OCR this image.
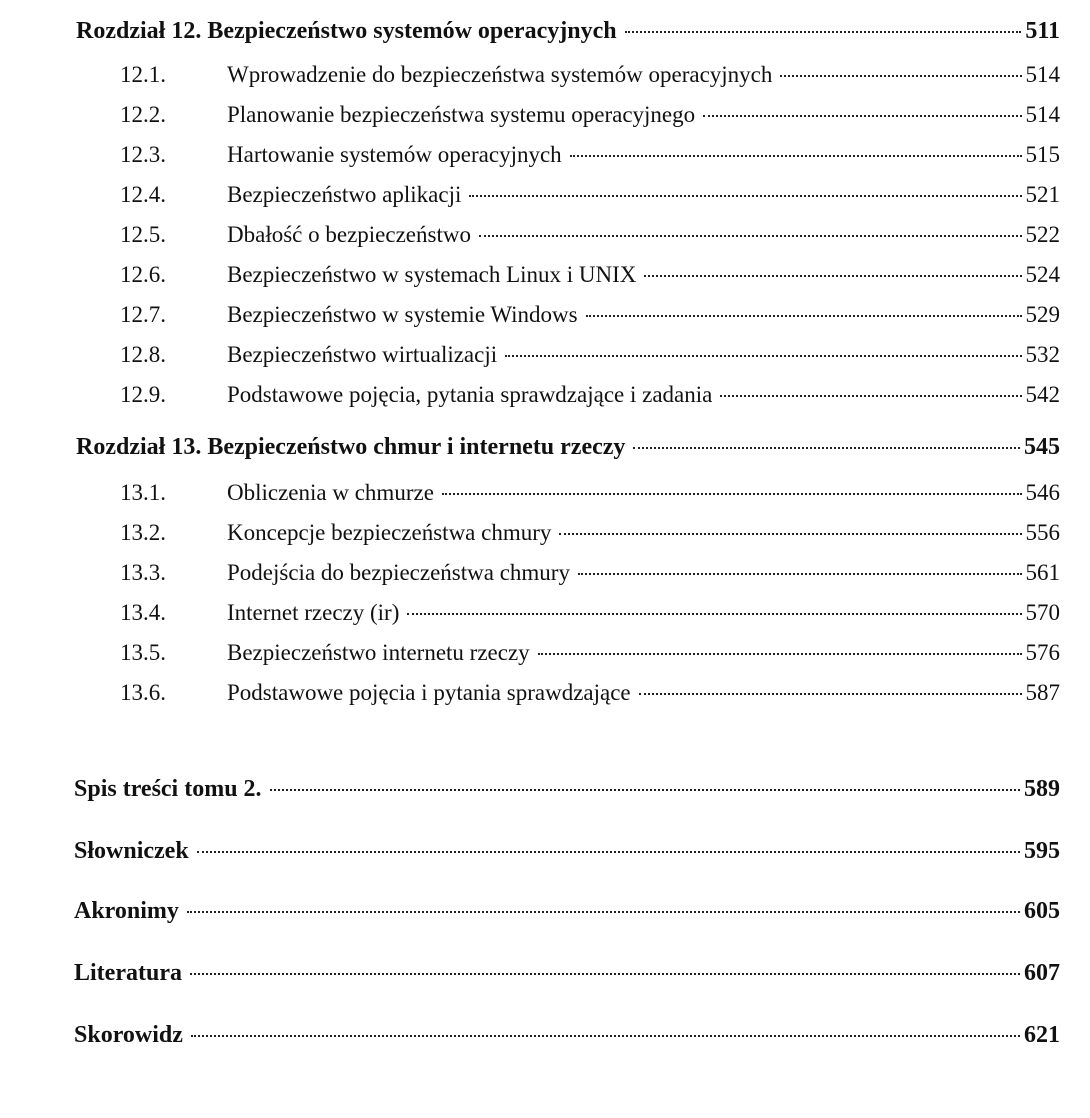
Rozdział 12. Bezpieczeństwo systemów operacyjnych	511
12.1.	Wprowadzenie do bezpieczeństwa systemów operacyjnych	514
12.2.	Planowanie bezpieczeństwa systemu operacyjnego	514
12.3.	Hartowanie systemów operacyjnych	515
12.4.	Bezpieczeństwo aplikacji	521
12.5.	Dbałość o bezpieczeństwo	522
12.6.	Bezpieczeństwo w systemach Linux i UNIX	524
12.7.	Bezpieczeństwo w systemie Windows	529
12.8.	Bezpieczeństwo wirtualizacji	532
12.9.	Podstawowe pojęcia, pytania sprawdzające i zadania	542
Rozdział 13. Bezpieczeństwo chmur i internetu rzeczy	545
13.1.	Obliczenia w chmurze	546
13.2.	Koncepcje bezpieczeństwa chmury	556
13.3.	Podejścia do bezpieczeństwa chmury	561
13.4.	Internet rzeczy (ir)	570
13.5.	Bezpieczeństwo internetu rzeczy	576
13.6.	Podstawowe pojęcia i pytania sprawdzające	587
Spis treści tomu 2.	589
Słowniczek	595
Akronimy	605
Literatura	607
Skorowidz	621
